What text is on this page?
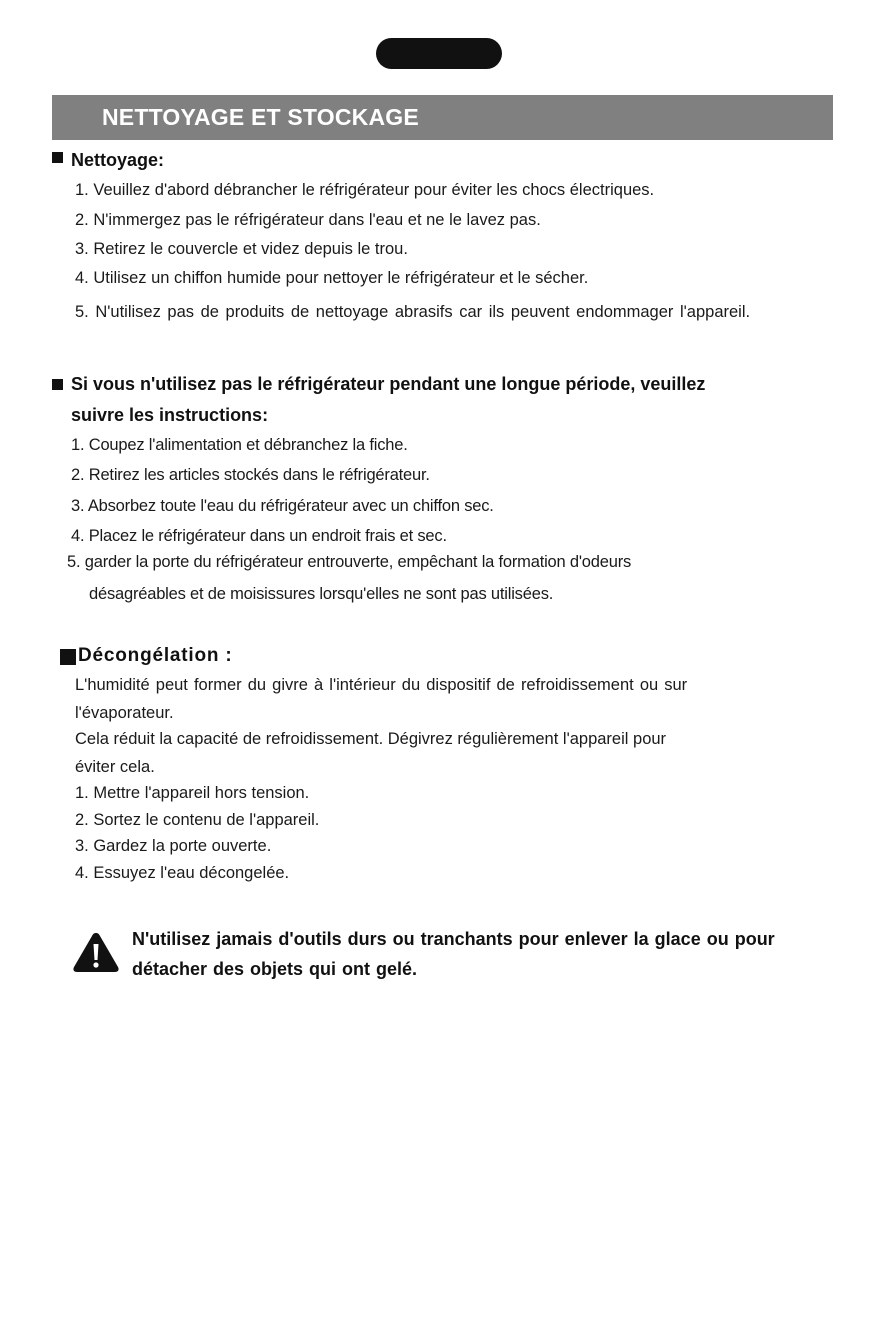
NETTOYAGE ET STOCKAGE
Nettoyage:
1. Veuillez d'abord débrancher le réfrigérateur pour éviter les chocs électriques.
2. N'immergez pas le réfrigérateur dans l'eau et ne le lavez pas.
3. Retirez le couvercle et videz depuis le trou.
4. Utilisez un chiffon humide pour nettoyer le réfrigérateur et le sécher.
5. N'utilisez pas de produits de nettoyage abrasifs car ils peuvent endommager l'appareil.
Si vous n'utilisez pas le réfrigérateur pendant une longue période, veuillez
suivre les instructions:
1. Coupez l'alimentation et débranchez la fiche.
2. Retirez les articles stockés dans le réfrigérateur.
3. Absorbez toute l'eau du réfrigérateur avec un chiffon sec.
4. Placez le réfrigérateur dans un endroit frais et sec.
5. garder la porte du réfrigérateur entrouverte, empêchant la formation d'odeurs
désagréables et de moisissures lorsqu'elles ne sont pas utilisées.
Décongélation :
L'humidité peut former du givre à l'intérieur du dispositif de refroidissement ou sur
l'évaporateur.
Cela réduit la capacité de refroidissement. Dégivrez régulièrement l'appareil pour
éviter cela.
1. Mettre l'appareil hors tension.
2. Sortez le contenu de l'appareil.
3. Gardez la porte ouverte.
4. Essuyez l'eau décongelée.
N'utilisez jamais d'outils durs ou tranchants pour enlever la glace ou pour
détacher des objets qui ont gelé.
